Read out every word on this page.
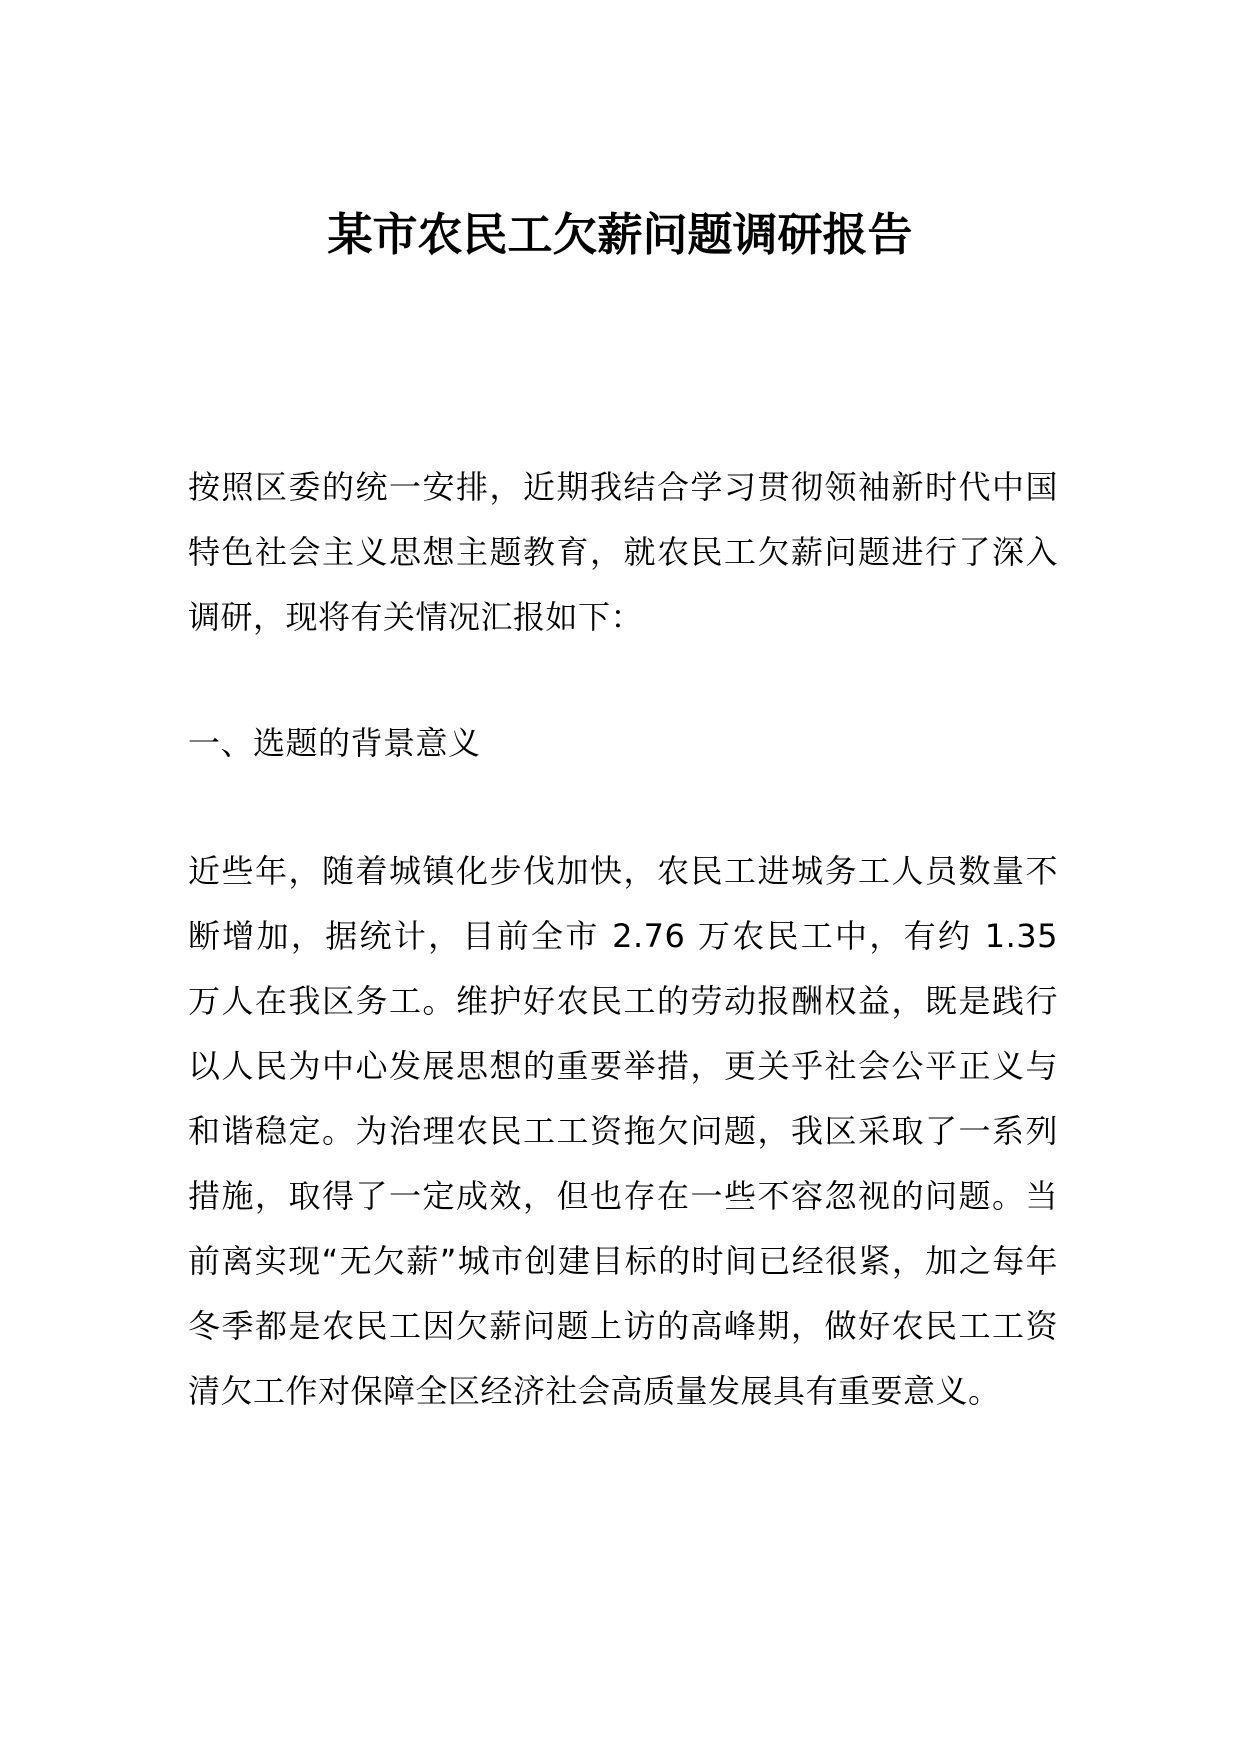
某市农民工欠薪问题调研报告

按照区委的统一安排，近期我结合学习贯彻领袖新时代中国特色社会主义思想主题教育，就农民工欠薪问题进行了深入调研，现将有关情况汇报如下：

一、选题的背景意义

近些年，随着城镇化步伐加快，农民工进城务工人员数量不断增加，据统计，目前全市 2.76 万农民工中，有约 1.35 万人在我区务工。维护好农民工的劳动报酬权益，既是践行以人民为中心发展思想的重要举措，更关乎社会公平正义与和谐稳定。为治理农民工工资拖欠问题，我区采取了一系列措施，取得了一定成效，但也存在一些不容忽视的问题。当前离实现“无欠薪”城市创建目标的时间已经很紧，加之每年冬季都是农民工因欠薪问题上访的高峰期，做好农民工工资清欠工作对保障全区经济社会高质量发展具有重要意义。
